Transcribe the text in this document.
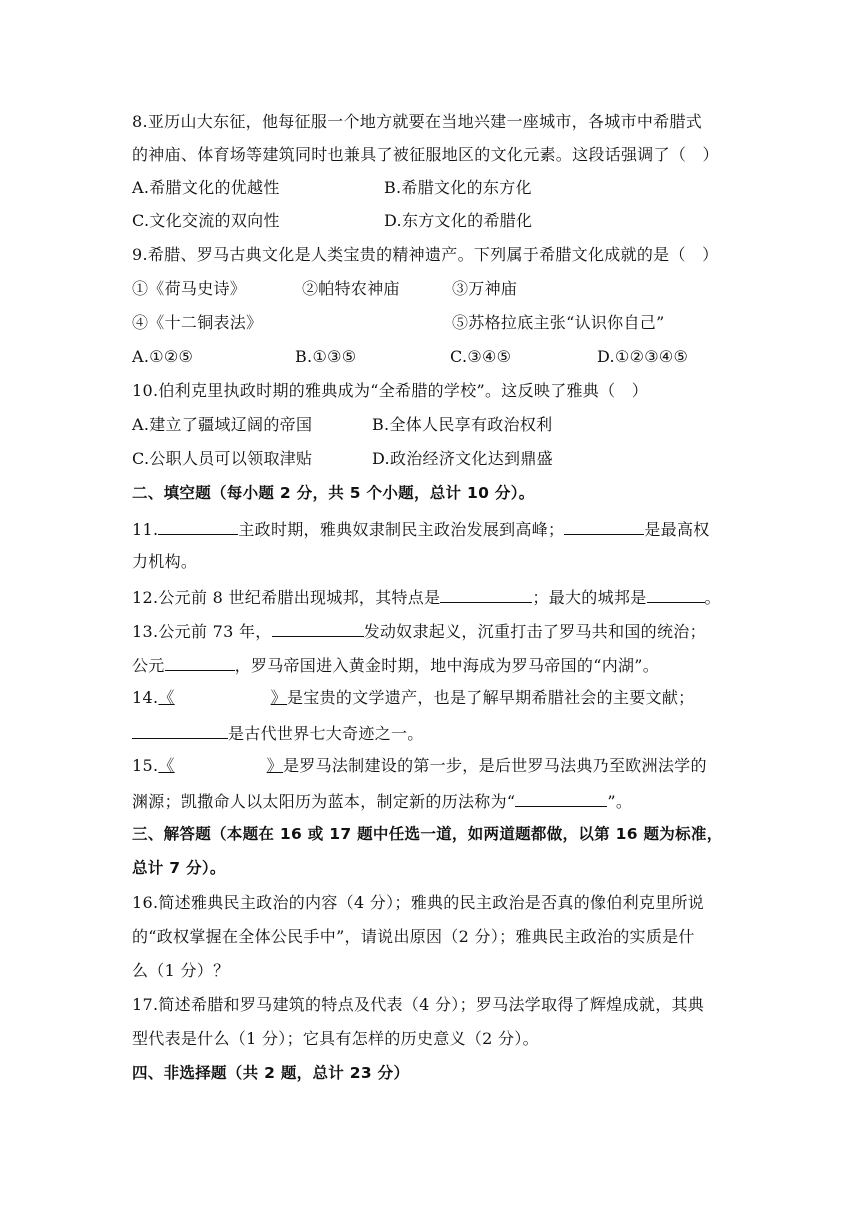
8.亚历山大东征，他每征服一个地方就要在当地兴建一座城市，各城市中希腊式
的神庙、体育场等建筑同时也兼具了被征服地区的文化元素。这段话强调了（　）
A.希腊文化的优越性	B.希腊文化的东方化
C.文化交流的双向性	D.东方文化的希腊化
9.希腊、罗马古典文化是人类宝贵的精神遗产。下列属于希腊文化成就的是（　）
①《荷马史诗》	②帕特农神庙	③万神庙
④《十二铜表法》	⑤苏格拉底主张“认识你自己”
A.①②⑤	B.①③⑤	C.③④⑤	D.①②③④⑤
10.伯利克里执政时期的雅典成为“全希腊的学校”。这反映了雅典（　）
A.建立了疆域辽阔的帝国	B.全体人民享有政治权利
C.公职人员可以领取津贴	D.政治经济文化达到鼎盛
二、填空题（每小题 2 分，共 5 个小题，总计 10 分）。
11.	主政时期，雅典奴隶制民主政治发展到高峰；	是最高权
力机构。
12.公元前 8 世纪希腊出现城邦，其特点是	；最大的城邦是	。
13.公元前 73 年，	发动奴隶起义，沉重打击了罗马共和国的统治；
公元	，罗马帝国进入黄金时期，地中海成为罗马帝国的“内湖”。
14.《	》是宝贵的文学遗产，也是了解早期希腊社会的主要文献；
是古代世界七大奇迹之一。
15.《	》是罗马法制建设的第一步，是后世罗马法典乃至欧洲法学的
渊源；凯撒命人以太阳历为蓝本，制定新的历法称为“	”。
三、解答题（本题在 16 或 17 题中任选一道，如两道题都做，以第 16 题为标准，
总计 7 分）。
16.简述雅典民主政治的内容（4 分）；雅典的民主政治是否真的像伯利克里所说
的“政权掌握在全体公民手中”，请说出原因（2 分）；雅典民主政治的实质是什
么（1 分）？
17.简述希腊和罗马建筑的特点及代表（4 分）；罗马法学取得了辉煌成就，其典
型代表是什么（1 分）；它具有怎样的历史意义（2 分）。
四、非选择题（共 2 题，总计 23 分）
